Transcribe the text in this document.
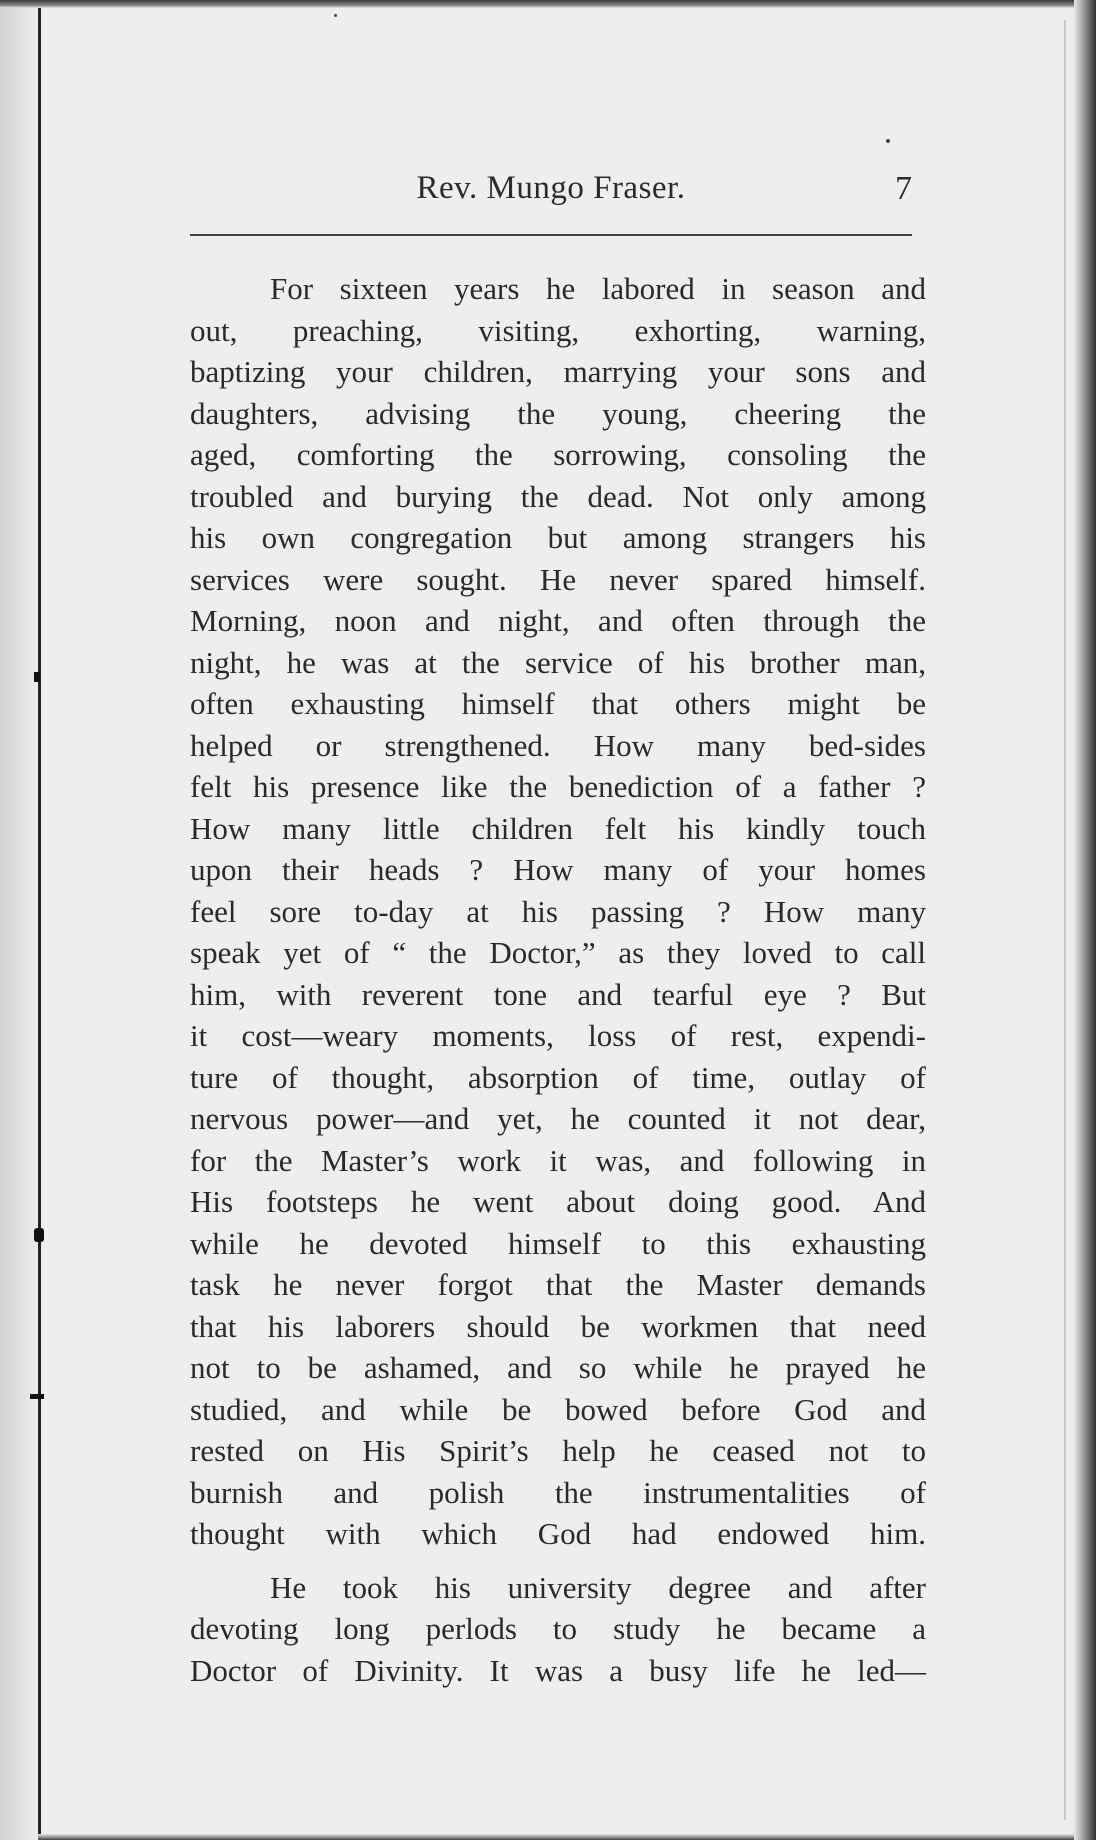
Rev. Mungo Fraser.	7

For sixteen years he labored in season and
out, preaching, visiting, exhorting, warning,
baptizing your children, marrying your sons and
daughters, advising the young, cheering the
aged, comforting the sorrowing, consoling the
troubled and burying the dead. Not only among
his own congregation but among strangers his
services were sought. He never spared himself.
Morning, noon and night, and often through the
night, he was at the service of his brother man,
often exhausting himself that others might be
helped or strengthened. How many bed-sides
felt his presence like the benediction of a father ?
How many little children felt his kindly touch
upon their heads ? How many of your homes
feel sore to-day at his passing ? How many
speak yet of “ the Doctor,” as they loved to call
him, with reverent tone and tearful eye ? But
it cost—weary moments, loss of rest, expendi-
ture of thought, absorption of time, outlay of
nervous power—and yet, he counted it not dear,
for the Master’s work it was, and following in
His footsteps he went about doing good. And
while he devoted himself to this exhausting
task he never forgot that the Master demands
that his laborers should be workmen that need
not to be ashamed, and so while he prayed he
studied, and while be bowed before God and
rested on His Spirit’s help he ceased not to
burnish and polish the instrumentalities of
thought with which God had endowed him.

He took his university degree and after
devoting long perlods to study he became a
Doctor of Divinity. It was a busy life he led—
